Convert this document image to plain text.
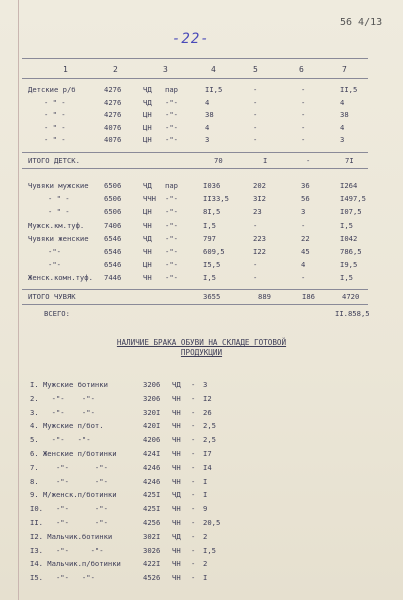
-22-
56 4/13
1	2	3	4	5	6	7
Детские р/б	4276	ЧД пар	II,5	-	-	II,5
- " -	4276	ЧД -"-	4	-	-	4
- " -	4276	ЦН -"-	38	-	-	38
- " -	4076	ЦН -"-	4	-	-	4
- " -	4076	ЦН -"-	3	-	-	3
ИТОГО ДЕТСК.	70	I	-	7I
Чувяки мужские 6506	ЧД пар	I036	202	36	I264
- " -	6506	ЧЧН -"-	II33,5	3I2	56	I497,5
- " -	6506	ЦН -"-	8I,5	23	3	I07,5
Мужск.км.туф.	7406	ЧН -"-	I,5	-	-	I,5
Чувяки женские 6546	ЧД -"-	797	223	22	I042
-"-	6546	ЧН -"-	609,5	I22	45	786,5
-"-	6546	ЦН -"-	I5,5	-	4	I9,5
Женск.комн.туф. 7446	ЧН -"-	I,5	-	-	I,5
ИТОГО ЧУВЯК	3655	889	I86	4720
ВСЕГО:	II.858,5
НАЛИЧИЕ БРАКА ОБУВИ НА СКЛАДЕ ГОТОВОЙ
ПРОДУКЦИИ
I. Мужские ботинки	3206 ЧД - 3
2.   -"-    -"-	3206 ЧН - I2
3.   -"-    -"-	320I ЧН - 26
4. Мужские п/бот.	420I ЧН - 2,5
5.   -"-   -"-	4206 ЧН - 2,5
6. Женские п/ботинки	424I ЧН - I7
7.    -"-      -"-	4246 ЧН - I4
8.    -"-      -"-	4246 ЧН - I
9. М/женск.п/ботинки	425I ЧД - I
I0.   -"-      -"-	425I ЧН - 9
II.   -"-      -"-	4256 ЧН - 20,5
I2. Мальчик.ботинки	302I ЧД - 2
I3.   -"-     -"-	3026 ЧН - I,5
I4. Мальчик.п/ботинки	422I ЧН - 2
I5.   -"-   -"-	4526 ЧН - I
